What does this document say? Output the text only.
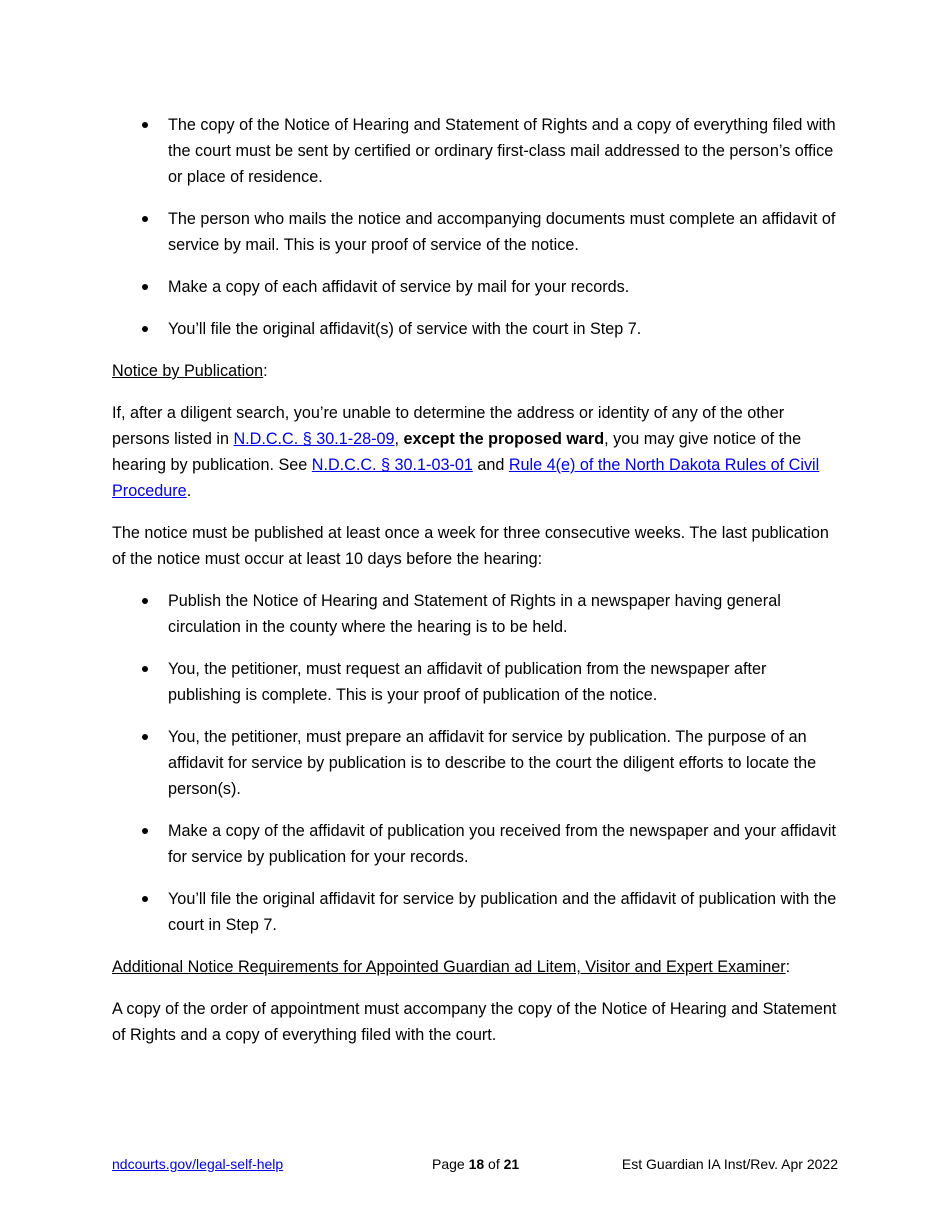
The copy of the Notice of Hearing and Statement of Rights and a copy of everything filed with the court must be sent by certified or ordinary first-class mail addressed to the person’s office or place of residence.
The person who mails the notice and accompanying documents must complete an affidavit of service by mail. This is your proof of service of the notice.
Make a copy of each affidavit of service by mail for your records.
You’ll file the original affidavit(s) of service with the court in Step 7.

Notice by Publication:

If, after a diligent search, you’re unable to determine the address or identity of any of the other persons listed in N.D.C.C. § 30.1-28-09, except the proposed ward, you may give notice of the hearing by publication. See N.D.C.C. § 30.1-03-01 and Rule 4(e) of the North Dakota Rules of Civil Procedure.

The notice must be published at least once a week for three consecutive weeks. The last publication of the notice must occur at least 10 days before the hearing:

Publish the Notice of Hearing and Statement of Rights in a newspaper having general circulation in the county where the hearing is to be held.
You, the petitioner, must request an affidavit of publication from the newspaper after publishing is complete. This is your proof of publication of the notice.
You, the petitioner, must prepare an affidavit for service by publication. The purpose of an affidavit for service by publication is to describe to the court the diligent efforts to locate the person(s).
Make a copy of the affidavit of publication you received from the newspaper and your affidavit for service by publication for your records.
You’ll file the original affidavit for service by publication and the affidavit of publication with the court in Step 7.

Additional Notice Requirements for Appointed Guardian ad Litem, Visitor and Expert Examiner:

A copy of the order of appointment must accompany the copy of the Notice of Hearing and Statement of Rights and a copy of everything filed with the court.

ndcourts.gov/legal-self-help	Page 18 of 21	Est Guardian IA Inst/Rev. Apr 2022
